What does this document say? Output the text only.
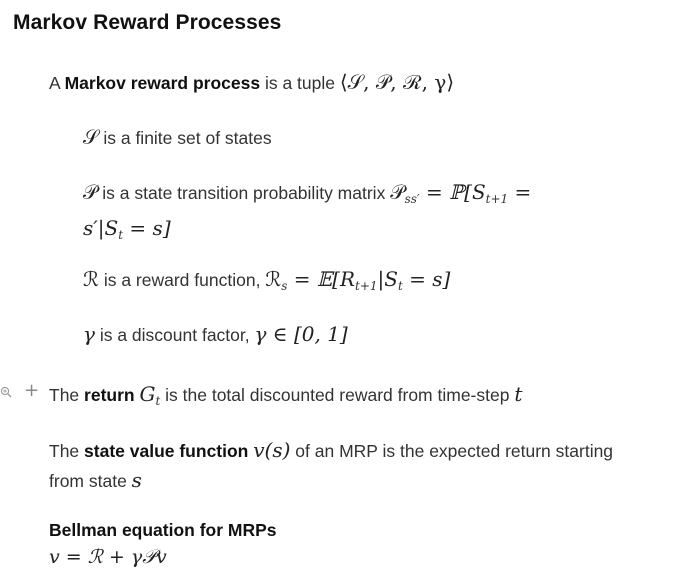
Markov Reward Processes

A Markov reward process is a tuple ⟨𝒮, 𝒫, ℛ, γ⟩

𝒮 is a finite set of states

𝒫 is a state transition probability matrix 𝒫$_{ss'}$ = $ℙ[S_{t+1}$ =
$s'|S_t = s$]

ℛ is a reward function, ℛ$_s$ = $𝔼[R_{t+1}|S_t = s]$

γ is a discount factor, γ ∈ [0, 1]

+ The return $G_t$ is the total discounted reward from time-step t

The state value function v(s) of an MRP is the expected return starting
from state s

Bellman equation for MRPs

v = ℛ + γ𝒫v
